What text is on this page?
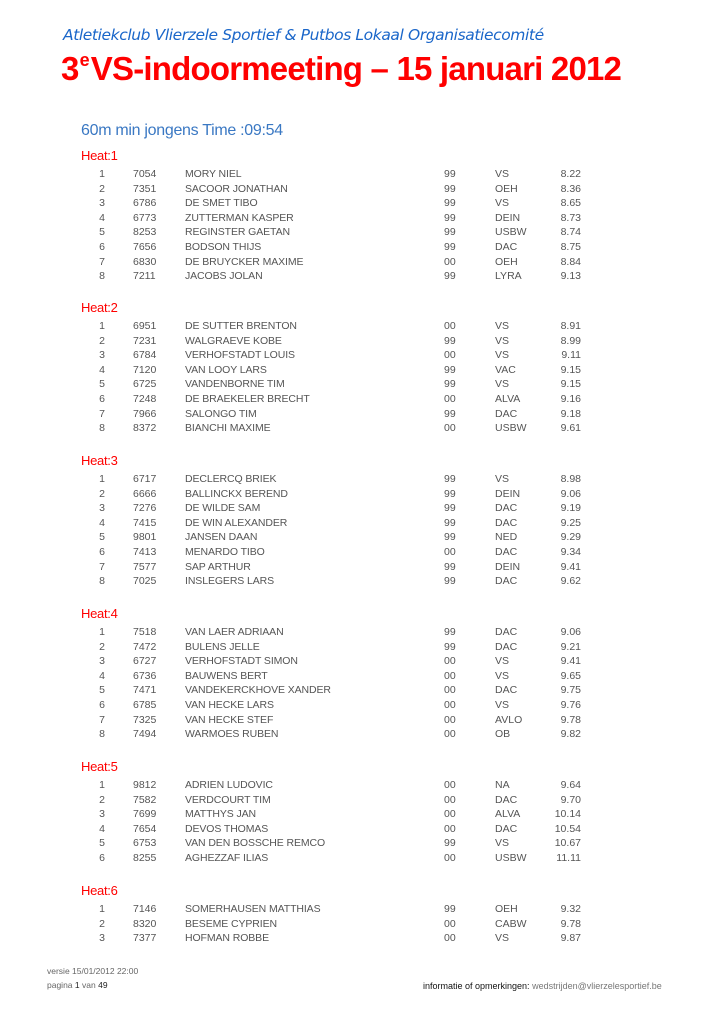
Atletiekclub Vlierzele Sportief & Putbos Lokaal Organisatiecomité
3eVS-indoormeeting – 15 januari 2012
60m min jongens Time :09:54
Heat:1
1	7054	MORY NIEL	99	VS	8.22
2	7351	SACOOR JONATHAN	99	OEH	8.36
3	6786	DE SMET TIBO	99	VS	8.65
4	6773	ZUTTERMAN KASPER	99	DEIN	8.73
5	8253	REGINSTER GAETAN	99	USBW	8.74
6	7656	BODSON THIJS	99	DAC	8.75
7	6830	DE BRUYCKER MAXIME	00	OEH	8.84
8	7211	JACOBS JOLAN	99	LYRA	9.13
Heat:2
1	6951	DE SUTTER BRENTON	00	VS	8.91
2	7231	WALGRAEVE KOBE	99	VS	8.99
3	6784	VERHOFSTADT LOUIS	00	VS	9.11
4	7120	VAN LOOY LARS	99	VAC	9.15
5	6725	VANDENBORNE TIM	99	VS	9.15
6	7248	DE BRAEKELER BRECHT	00	ALVA	9.16
7	7966	SALONGO TIM	99	DAC	9.18
8	8372	BIANCHI MAXIME	00	USBW	9.61
Heat:3
1	6717	DECLERCQ BRIEK	99	VS	8.98
2	6666	BALLINCKX BEREND	99	DEIN	9.06
3	7276	DE WILDE SAM	99	DAC	9.19
4	7415	DE WIN ALEXANDER	99	DAC	9.25
5	9801	JANSEN DAAN	99	NED	9.29
6	7413	MENARDO TIBO	00	DAC	9.34
7	7577	SAP ARTHUR	99	DEIN	9.41
8	7025	INSLEGERS LARS	99	DAC	9.62
Heat:4
1	7518	VAN LAER ADRIAAN	99	DAC	9.06
2	7472	BULENS JELLE	99	DAC	9.21
3	6727	VERHOFSTADT SIMON	00	VS	9.41
4	6736	BAUWENS BERT	00	VS	9.65
5	7471	VANDEKERCKHOVE XANDER	00	DAC	9.75
6	6785	VAN HECKE LARS	00	VS	9.76
7	7325	VAN HECKE STEF	00	AVLO	9.78
8	7494	WARMOES RUBEN	00	OB	9.82
Heat:5
1	9812	ADRIEN LUDOVIC	00	NA	9.64
2	7582	VERDCOURT TIM	00	DAC	9.70
3	7699	MATTHYS JAN	00	ALVA	10.14
4	7654	DEVOS THOMAS	00	DAC	10.54
5	6753	VAN DEN BOSSCHE REMCO	99	VS	10.67
6	8255	AGHEZZAF ILIAS	00	USBW	11.11
Heat:6
1	7146	SOMERHAUSEN MATTHIAS	99	OEH	9.32
2	8320	BESEME CYPRIEN	00	CABW	9.78
3	7377	HOFMAN ROBBE	00	VS	9.87
versie 15/01/2012 22:00
pagina 1 van 49	informatie of opmerkingen: wedstrijden@vlierzelesportief.be
